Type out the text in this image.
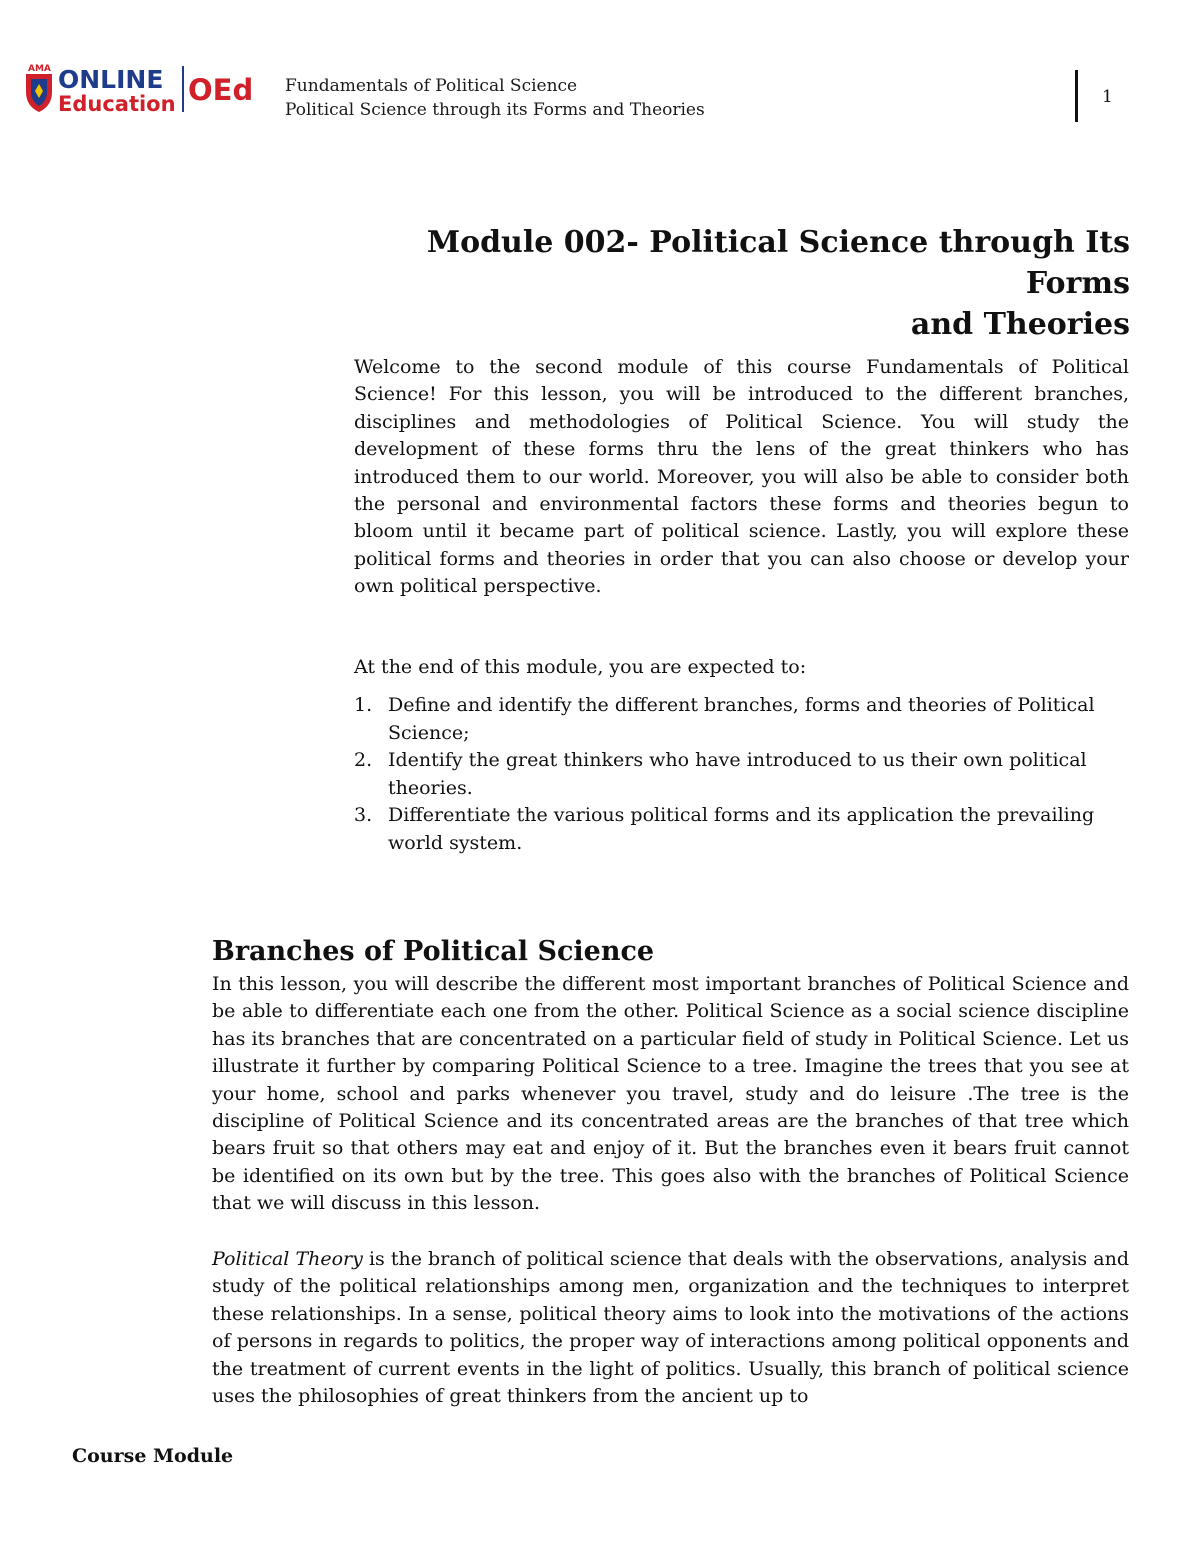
AMA ONLINE
Education OEd Fundamentals of Political Science
Political Science through its Forms and Theories
1
Module 002- Political Science through Its Forms
and Theories

Welcome to the second module of this course Fundamentals of Political Science! For this lesson, you will be introduced to the different branches, disciplines and methodologies of Political Science. You will study the development of these forms thru the lens of the great thinkers who has introduced them to our world. Moreover, you will also be able to consider both the personal and environmental factors these forms and theories begun to bloom until it became part of political science. Lastly, you will explore these political forms and theories in order that you can also choose or develop your own political perspective.

At the end of this module, you are expected to:

1. Define and identify the different branches, forms and theories of Political Science;
2. Identify the great thinkers who have introduced to us their own political theories.
3. Differentiate the various political forms and its application the prevailing world system.
Branches of Political Science

In this lesson, you will describe the different most important branches of Political Science and be able to differentiate each one from the other. Political Science as a social science discipline has its branches that are concentrated on a particular field of study in Political Science. Let us illustrate it further by comparing Political Science to a tree. Imagine the trees that you see at your home, school and parks whenever you travel, study and do leisure .The tree is the discipline of Political Science and its concentrated areas are the branches of that tree which bears fruit so that others may eat and enjoy of it. But the branches even it bears fruit cannot be identified on its own but by the tree. This goes also with the branches of Political Science that we will discuss in this lesson.

Political Theory is the branch of political science that deals with the observations, analysis and study of the political relationships among men, organization and the techniques to interpret these relationships. In a sense, political theory aims to look into the motivations of the actions of persons in regards to politics, the proper way of interactions among political opponents and the treatment of current events in the light of politics. Usually, this branch of political science uses the philosophies of great thinkers from the ancient up to

Course Module
